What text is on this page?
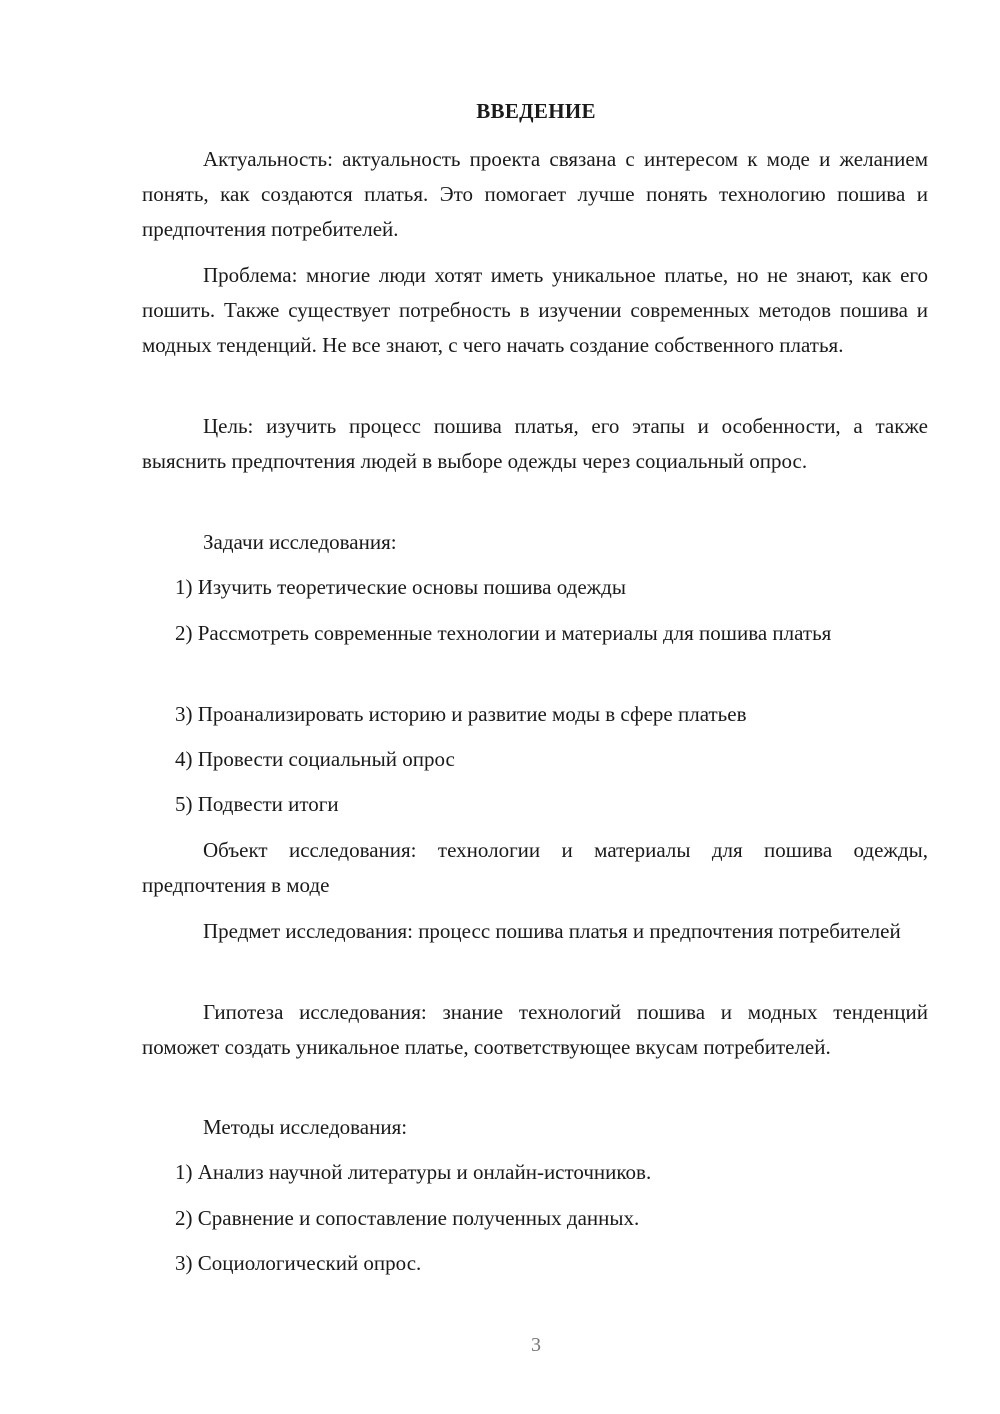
ВВЕДЕНИЕ

Актуальность: актуальность проекта связана с интересом к моде и желанием понять, как создаются платья. Это помогает лучше понять технологию пошива и предпочтения потребителей.

Проблема: многие люди хотят иметь уникальное платье, но не знают, как его пошить. Также существует потребность в изучении современных методов пошива и модных тенденций. Не все знают, с чего начать создание собственного платья.

Цель: изучить процесс пошива платья, его этапы и особенности, а также выяснить предпочтения людей в выборе одежды через социальный опрос.

Задачи исследования:

1) Изучить теоретические основы пошива одежды

2) Рассмотреть современные технологии и материалы для пошива платья

3) Проанализировать историю и развитие моды в сфере платьев

4) Провести социальный опрос

5) Подвести итоги

Объект исследования: технологии и материалы для пошива одежды, предпочтения в моде

Предмет исследования: процесс пошива платья и предпочтения потребителей

Гипотеза исследования: знание технологий пошива и модных тенденций поможет создать уникальное платье, соответствующее вкусам потребителей.

Методы исследования:

1) Анализ научной литературы и онлайн-источников.

2) Сравнение и сопоставление полученных данных.

3) Социологический опрос.

3
